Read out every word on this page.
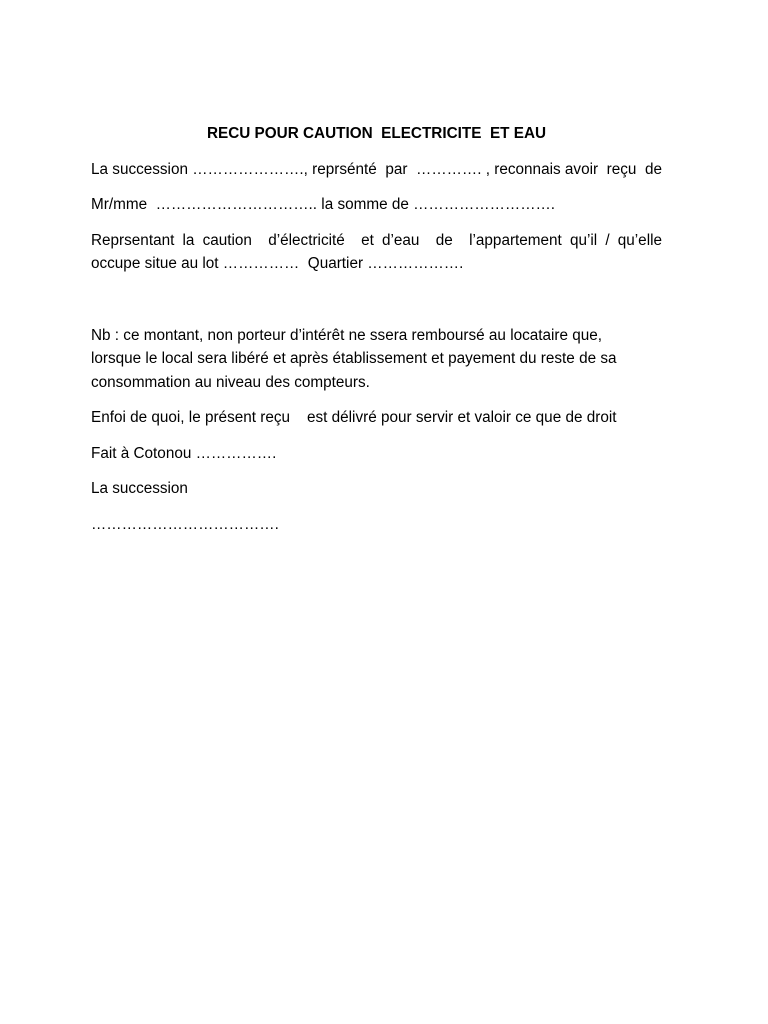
RECU POUR CAUTION  ELECTRICITE  ET EAU
La succession …………………., reprsénté  par  …………. , reconnais avoir  reçu  de
Mr/mme  ………………………….. la somme de ……………………….
Reprsentant la caution  d’électricité  et d’eau  de  l’appartement qu’il / qu’elle
occupe situe au lot ……………  Quartier ……………….
Nb : ce montant, non porteur d’intérêt ne ssera remboursé au locataire que,
lorsque le local sera libéré et après établissement et payement du reste de sa
consommation au niveau des compteurs.
Enfoi de quoi, le présent reçu    est délivré pour servir et valoir ce que de droit
Fait à Cotonou …………….
La succession
……………………………….
